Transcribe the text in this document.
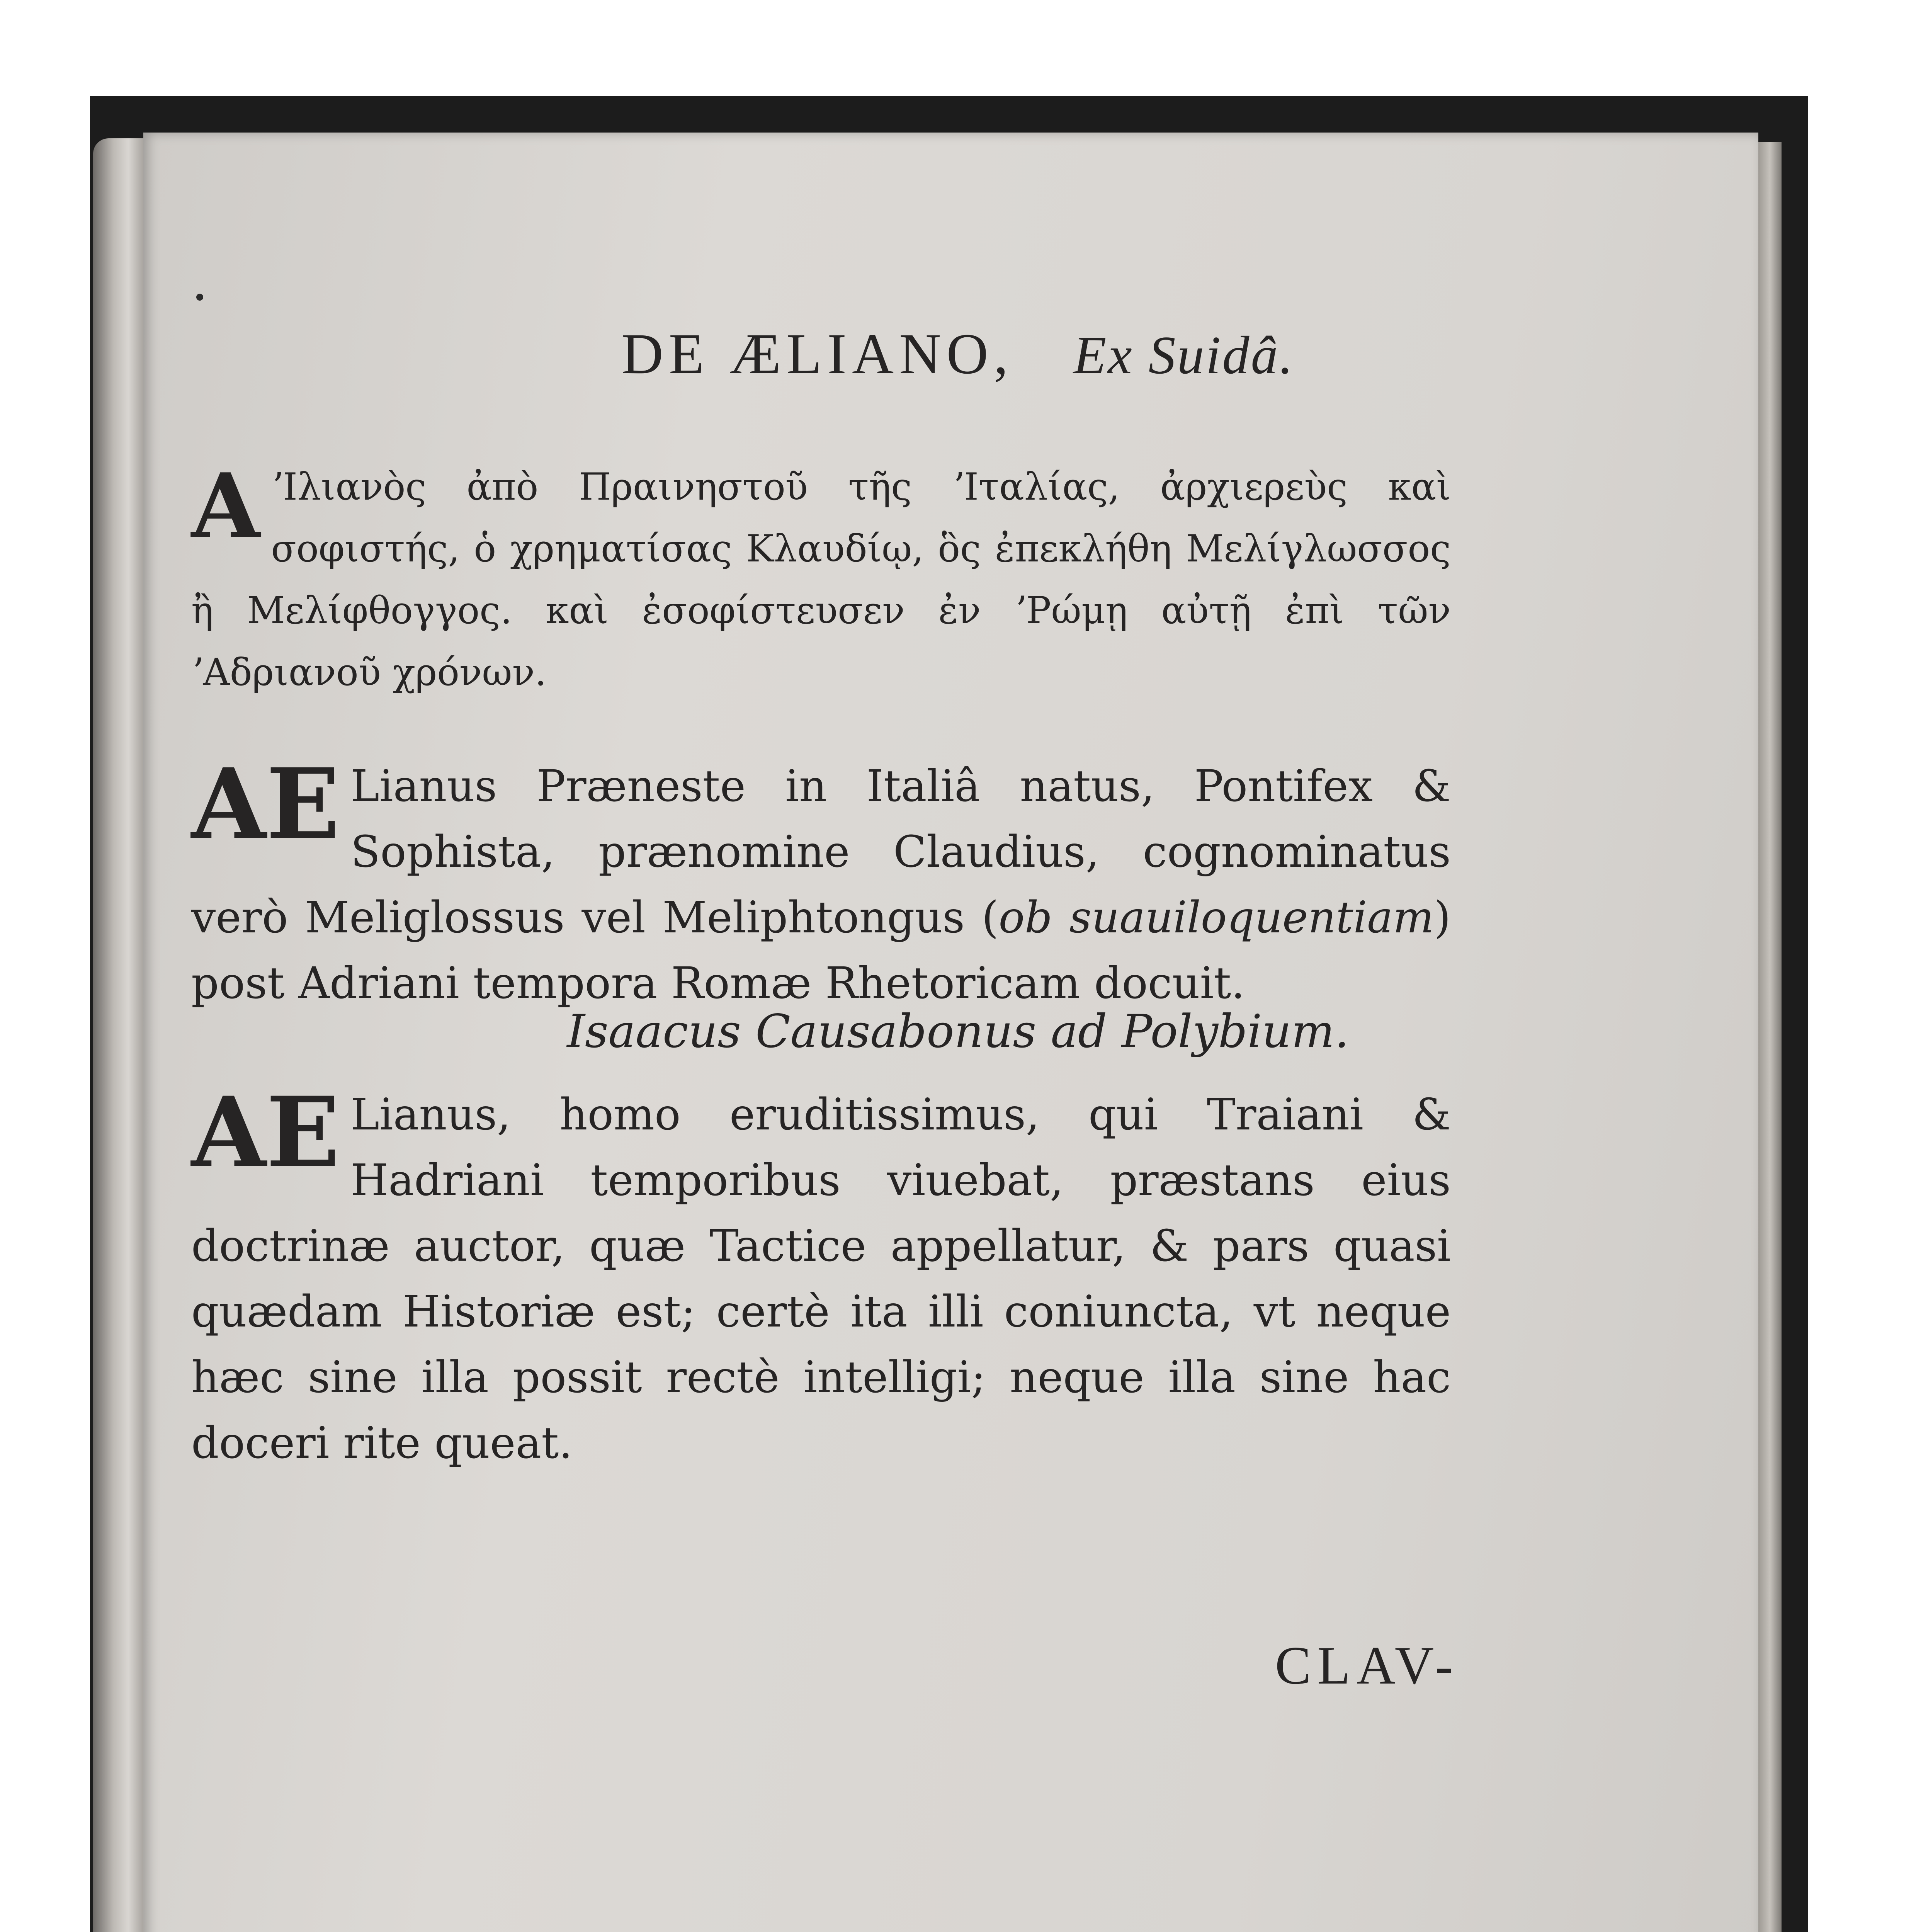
DE ÆLIANO, Ex Suidâ.

A ʼΙλιανὸς ἀπὸ Πραινηστοῦ τῆς ʼΙταλίας, ἀρχιερεὺς καὶ σοφιστής, ὁ χρηματίσας Κλαυδίῳ, ὃς ἐπεκλήθη Μελίγλωσσος ἢ Μελίφθογγος. καὶ ἐσοφίστευσεν ἐν ʼΡώμῃ αὐτῇ ἐπὶ τῶν ʼΑδριανοῦ χρόνων.

AE Lianus Præneste in Italiâ natus, Pontifex & Sophista, prænomine Claudius, cognominatus verò Meliglossus vel Meliphtongus (ob suauiloquentiam) post Adriani tempora Romæ Rhetoricam docuit.

Isaacus Causabonus ad Polybium.

AE Lianus, homo eruditissimus, qui Traiani & Hadriani temporibus viuebat, præstans eius doctrinæ auctor, quæ Tactice appellatur, & pars quasi quædam Historiæ est; certè ita illi coniuncta, vt neque hæc sine illa possit rectè intelligi; neque illa sine hac doceri rite queat.

CLAV-
